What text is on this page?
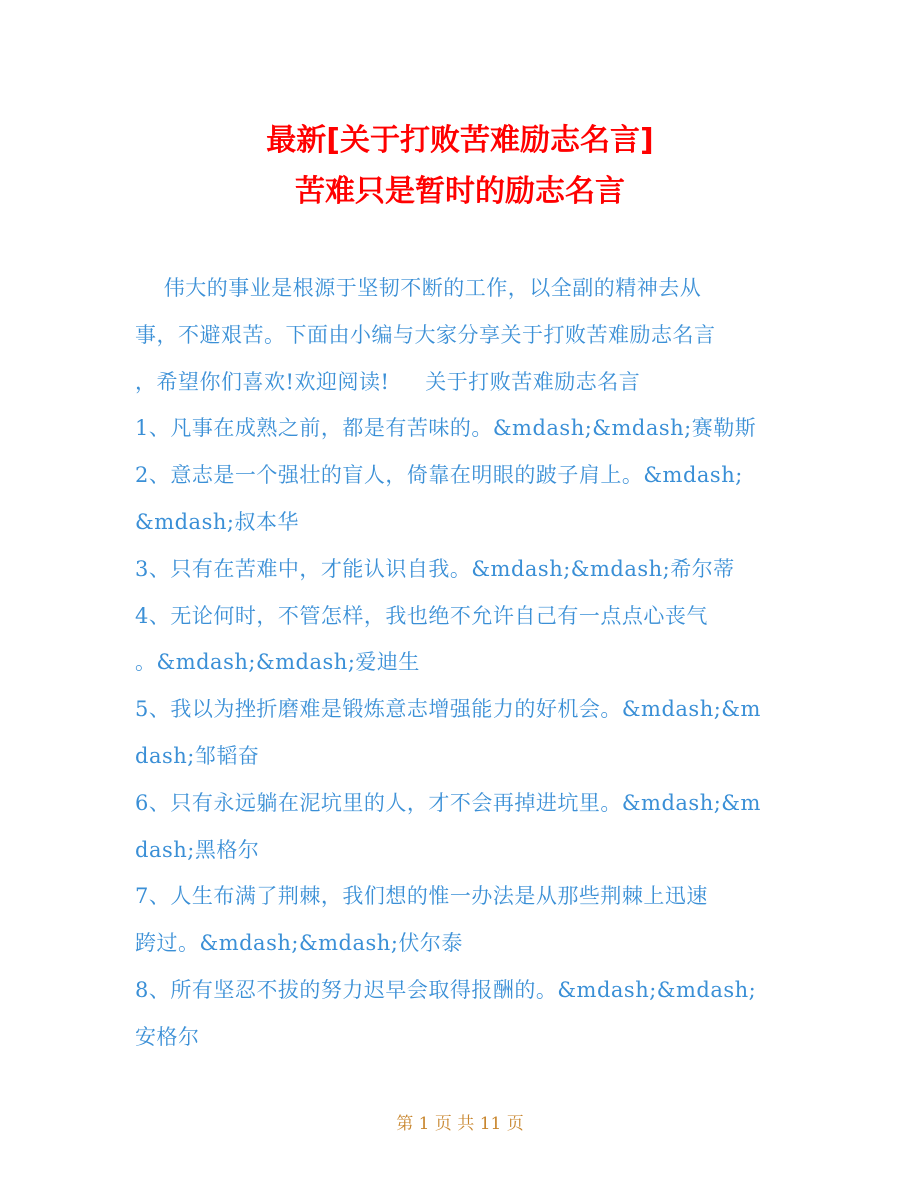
最新[关于打败苦难励志名言]
苦难只是暂时的励志名言
伟大的事业是根源于坚韧不断的工作，以全副的精神去从
事，不避艰苦。下面由小编与大家分享关于打败苦难励志名言
，希望你们喜欢!欢迎阅读!     关于打败苦难励志名言
1、凡事在成熟之前，都是有苦味的。&mdash;&mdash;赛勒斯
2、意志是一个强壮的盲人，倚靠在明眼的跛子肩上。&mdash;
&mdash;叔本华
3、只有在苦难中，才能认识自我。&mdash;&mdash;希尔蒂
4、无论何时，不管怎样，我也绝不允许自己有一点点心丧气
。&mdash;&mdash;爱迪生
5、我以为挫折磨难是锻炼意志增强能力的好机会。&mdash;&m
dash;邹韬奋
6、只有永远躺在泥坑里的人，才不会再掉进坑里。&mdash;&m
dash;黑格尔
7、人生布满了荆棘，我们想的惟一办法是从那些荆棘上迅速
跨过。&mdash;&mdash;伏尔泰
8、所有坚忍不拔的努力迟早会取得报酬的。&mdash;&mdash;
安格尔
第 1 页 共 11 页
